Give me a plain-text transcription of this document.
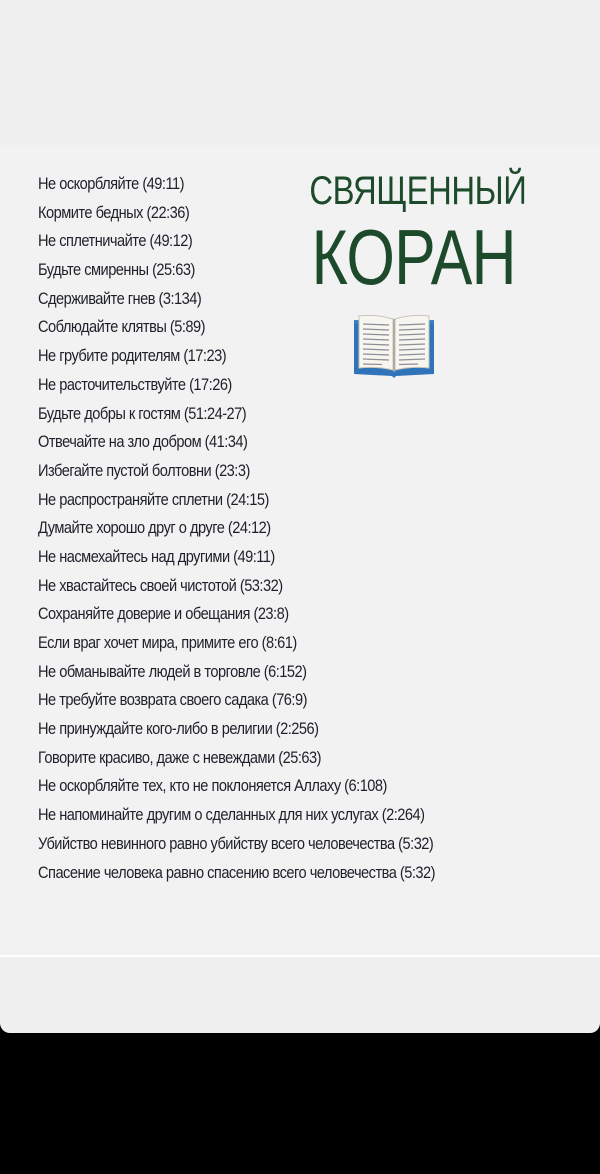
Не оскорбляйте (49:11)
Кормите бедных (22:36)
Не сплетничайте (49:12)
Будьте смиренны (25:63)
Сдерживайте гнев (3:134)
Соблюдайте клятвы (5:89)
Не грубите родителям (17:23)
Не расточительствуйте (17:26)
Будьте добры к гостям (51:24-27)
Отвечайте на зло добром (41:34)
Избегайте пустой болтовни (23:3)
Не распространяйте сплетни (24:15)
Думайте хорошо друг о друге (24:12)
Не насмехайтесь над другими (49:11)
Не хвастайтесь своей чистотой (53:32)
Сохраняйте доверие и обещания (23:8)
Если враг хочет мира, примите его (8:61)
Не обманывайте людей в торговле (6:152)
Не требуйте возврата своего садака (76:9)
Не принуждайте кого-либо в религии (2:256)
Говорите красиво, даже с невеждами (25:63)
Не оскорбляйте тех, кто не поклоняется Аллаху (6:108)
Не напоминайте другим о сделанных для них услугах (2:264)
Убийство невинного равно убийству всего человечества (5:32)
Спасение человека равно спасению всего человечества (5:32)
СВЯЩЕННЫЙ
КОРАН
